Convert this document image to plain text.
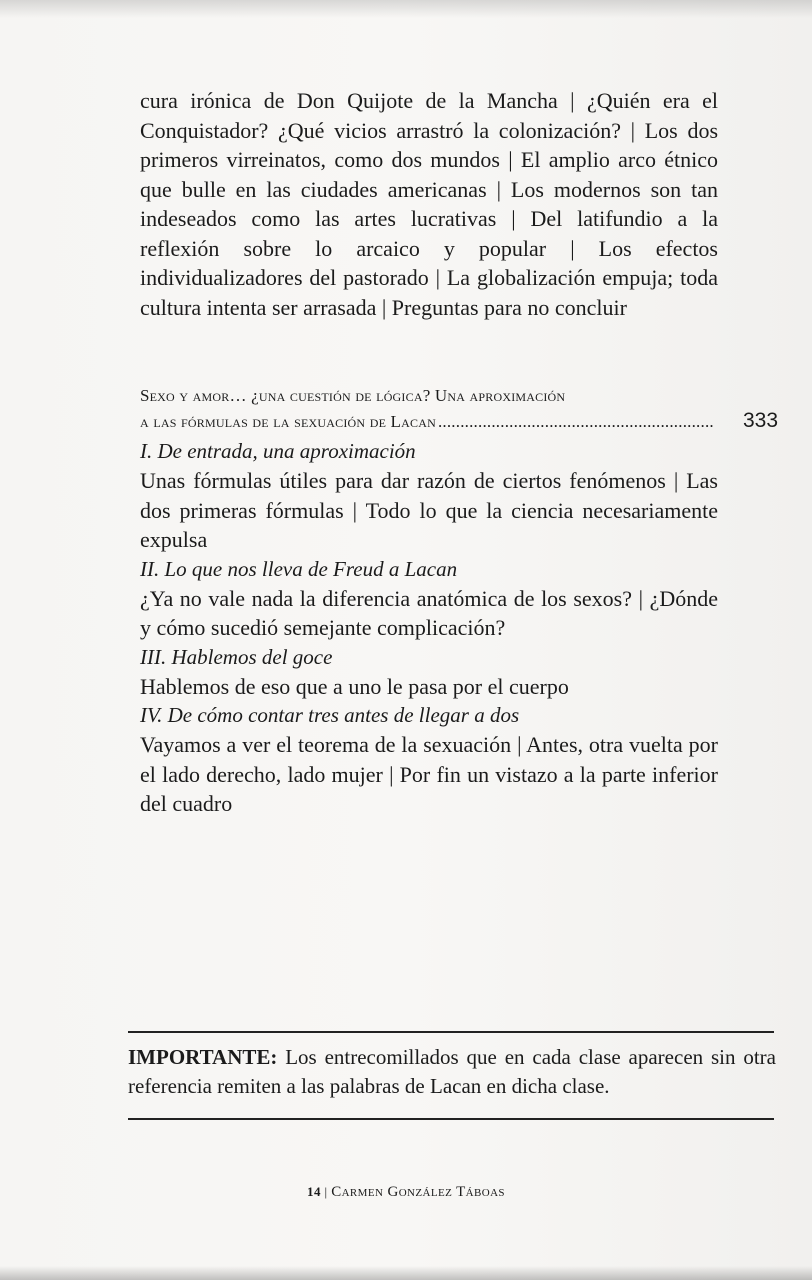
cura irónica de Don Quijote de la Mancha | ¿Quién era el Conquistador? ¿Qué vicios arrastró la colonización? | Los dos primeros virreinatos, como dos mundos | El amplio arco étnico que bulle en las ciudades americanas | Los modernos son tan indeseados como las artes lucrativas | Del latifundio a la reflexión sobre lo arcaico y popular | Los efectos individualizadores del pastorado | La globalización empuja; toda cultura intenta ser arrasada | Preguntas para no concluir

Sexo y amor… ¿una cuestión de lógica? Una aproximación
a las fórmulas de la sexuación de Lacan .............................................................. 333

I. De entrada, una aproximación

Unas fórmulas útiles para dar razón de ciertos fenómenos | Las dos primeras fórmulas | Todo lo que la ciencia necesariamente expulsa

II. Lo que nos lleva de Freud a Lacan

¿Ya no vale nada la diferencia anatómica de los sexos? | ¿Dónde y cómo sucedió semejante complicación?

III. Hablemos del goce

Hablemos de eso que a uno le pasa por el cuerpo

IV. De cómo contar tres antes de llegar a dos

Vayamos a ver el teorema de la sexuación | Antes, otra vuelta por el lado derecho, lado mujer | Por fin un vistazo a la parte inferior del cuadro

IMPORTANTE: Los entrecomillados que en cada clase aparecen sin otra referencia remiten a las palabras de Lacan en dicha clase.
14 | Carmen González Táboas
